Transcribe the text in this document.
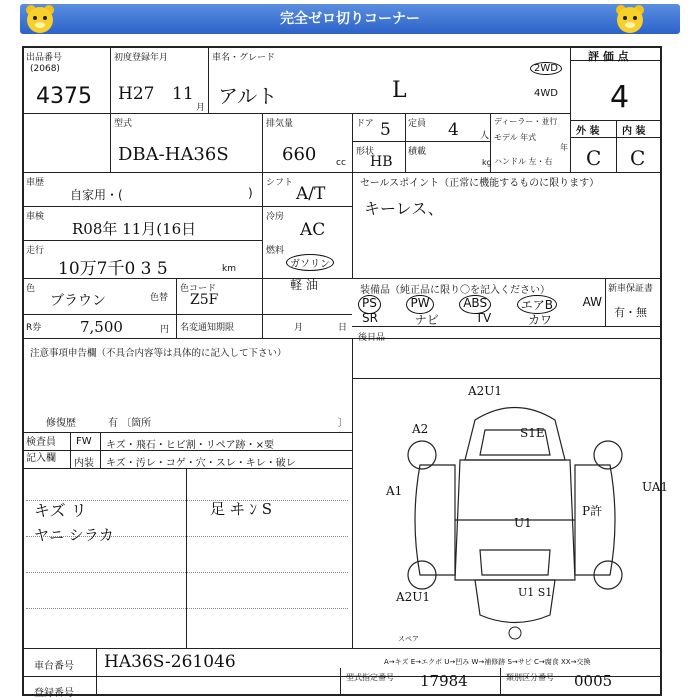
完全ゼロ切りコーナー
出品番号
(2068)
4375
初度登録年月
H27 11
月
車名・グレード
アルト	L
2WD
4WD
評 価 点
4
外 装 内 装
C C
型式
DBA-HA36S
排気量
660 cc
ドア 5 定員 4 人
ディーラー・並行
モデル 年式
年
形状
HB
積載
kg ハンドル 左・右
車歴
自家用・(	)
シフト
A/T
セールスポイント（正常に機能するものに限ります）
キーレス、
車検
R08年 11月(16日
冷房
AC
走行
10万7千0 3 5	km
燃料
ガソリン
軽 油
色
ブラウン	色替
色コード
Z5F
装備品（純正品に限り〇を記入ください）	新車保証書
PS	PW	ABS	エアB	AW
SR	ナビ	TV	カワ
有・無
R券	7,500	円 名変通知期限	月	日
後日品
注意事項申告欄（不具合内容等は具体的に記入して下さい）
修復歴	有 〔箇所	〕
検査員 記入欄
FW キズ・飛石・ヒビ割・リペア跡・×要
内装 キズ・汚レ・コゲ・穴・スレ・キレ・破レ
キズ リ
ヤニ シラカ
足 ヰ ﾝ S
A2U1
A2	S1E
A1	UA1
U1
P許
A2U1	U1 S1
スペア
A→キズ E→エクボ U→凹み W→補修跡 S→サビ C→腐食 XX→交換
車台番号 HA36S-261046
登録番号
型式指定番号 17984	類別区分番号 0005
